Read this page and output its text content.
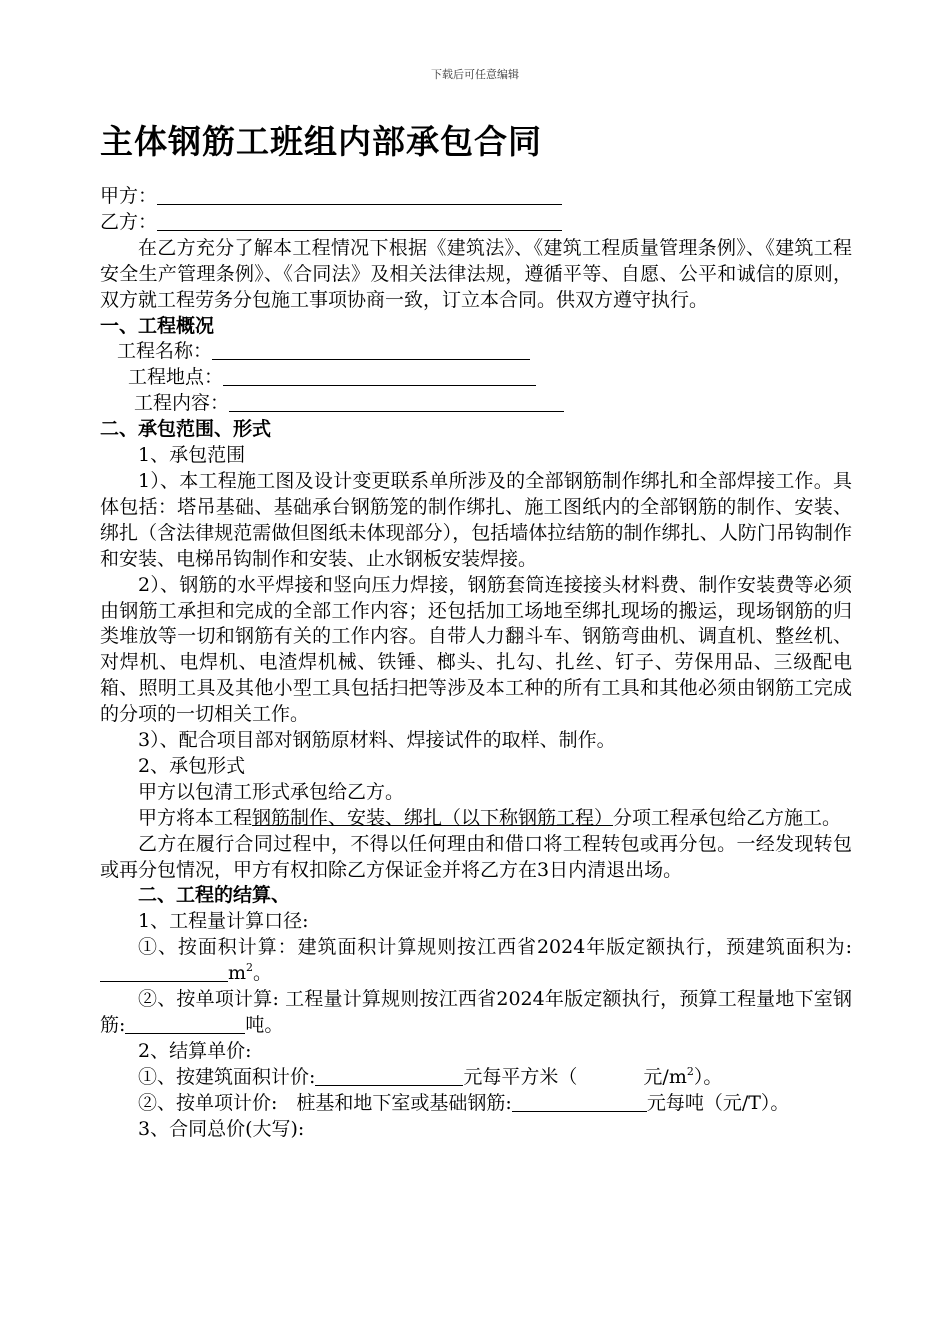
下载后可任意编辑
主体钢筋工班组内部承包合同

甲方：

乙方：

在乙方充分了解本工程情况下根据《建筑法》、《建筑工程质量管理条例》、《建筑工程安全生产管理条例》、《合同法》及相关法律法规，遵循平等、自愿、公平和诚信的原则，双方就工程劳务分包施工事项协商一致，订立本合同。供双方遵守执行。

一、工程概况

工程名称：

工程地点：

工程内容：

二、承包范围、形式

1、承包范围

1）、本工程施工图及设计变更联系单所涉及的全部钢筋制作绑扎和全部焊接工作。具体包括：塔吊基础、基础承台钢筋笼的制作绑扎、施工图纸内的全部钢筋的制作、安装、绑扎（含法律规范需做但图纸未体现部分），包括墙体拉结筋的制作绑扎、人防门吊钩制作和安装、电梯吊钩制作和安装、止水钢板安装焊接。

2）、钢筋的水平焊接和竖向压力焊接，钢筋套筒连接接头材料费、制作安装费等必须由钢筋工承担和完成的全部工作内容；还包括加工场地至绑扎现场的搬运，现场钢筋的归类堆放等一切和钢筋有关的工作内容。自带人力翻斗车、钢筋弯曲机、调直机、整丝机、对焊机、电焊机、电渣焊机械、铁锤、榔头、扎勾、扎丝、钉子、劳保用品、三级配电箱、照明工具及其他小型工具包括扫把等涉及本工种的所有工具和其他必须由钢筋工完成的分项的一切相关工作。

3）、配合项目部对钢筋原材料、焊接试件的取样、制作。

2、承包形式

甲方以包清工形式承包给乙方。

甲方将本工程钢筋制作、安装、绑扎（以下称钢筋工程）分项工程承包给乙方施工。

乙方在履行合同过程中，不得以任何理由和借口将工程转包或再分包。一经发现转包或再分包情况，甲方有权扣除乙方保证金并将乙方在3日内清退出场。

二、工程的结算、

1、工程量计算口径:

①、按面积计算：建筑面积计算规则按江西省2024年版定额执行，预建筑面积为$:m^2$。

②、按单项计算: 工程量计算规则按江西省2024年版定额执行，预算工程量地下室钢筋:	吨。

2、结算单价:

①、按建筑面积计价:	元每平方米（	元$/m^2$）。

②、按单项计价:　桩基和地下室或基础钢筋:	元每吨（元/T）。

3、合同总价(大写):
